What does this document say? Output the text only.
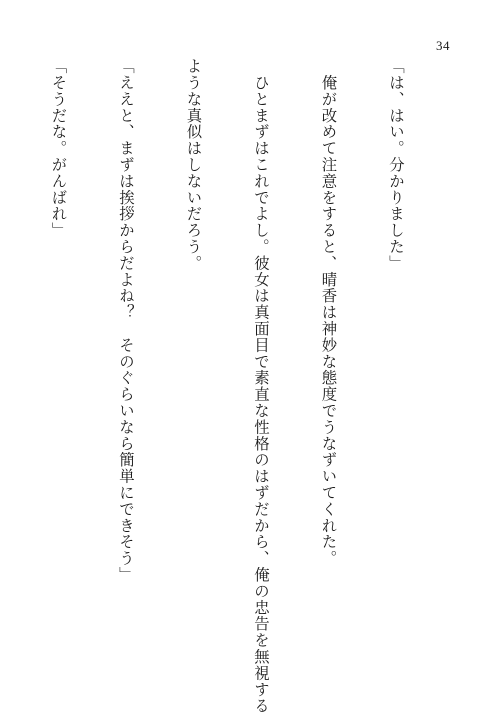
34

「は、はい。分かりました」

　俺が改めて注意をすると、晴香は神妙な態度でうなずいてくれた。

　ひとまずはこれでよし。彼女は真面目で素直な性格のはずだから、俺の忠告を無視する

ような真似はしないだろう。

「ええと、まずは挨拶からだよね？　そのぐらいなら簡単にできそう」

「そうだな。がんばれ」
